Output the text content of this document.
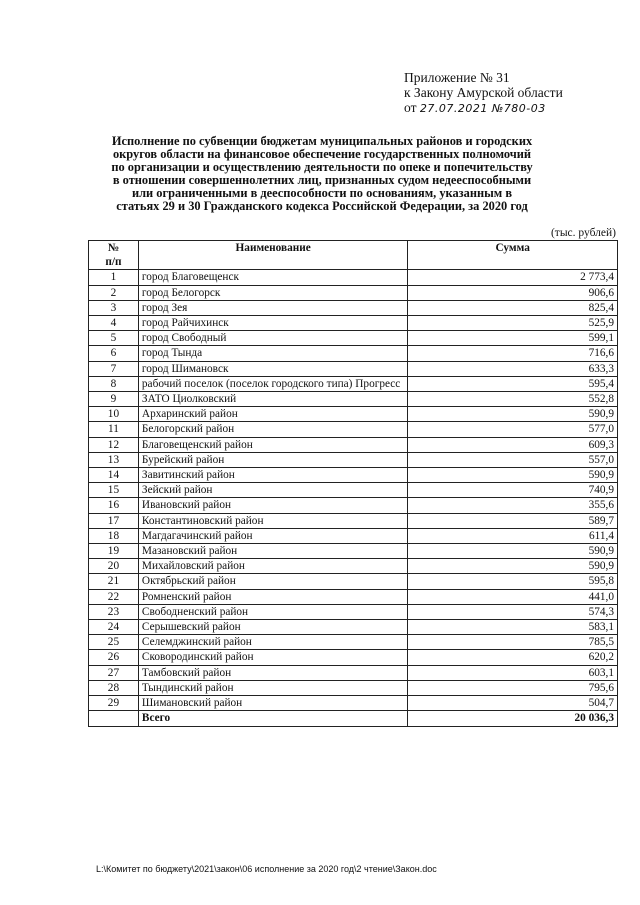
Приложение № 31
к Закону Амурской области
от 27.07.2021 №780-03
Исполнение по субвенции бюджетам муниципальных районов и городских
округов области на финансовое обеспечение государственных полномочий
по организации и осуществлению деятельности по опеке и попечительству
в отношении совершеннолетних лиц, признанных судом недееспособными
или ограниченными в дееспособности по основаниям, указанным в
статьях 29 и 30 Гражданского кодекса Российской Федерации, за 2020 год
(тыс. рублей)
№
п/п	Наименование	Сумма
1	город Благовещенск	2 773,4
2	город Белогорск	906,6
3	город Зея	825,4
4	город Райчихинск	525,9
5	город Свободный	599,1
6	город Тында	716,6
7	город Шимановск	633,3
8	рабочий поселок (поселок городского типа) Прогресс	595,4
9	ЗАТО Циолковский	552,8
10	Архаринский район	590,9
11	Белогорский район	577,0
12	Благовещенский район	609,3
13	Бурейский район	557,0
14	Завитинский район	590,9
15	Зейский район	740,9
16	Ивановский район	355,6
17	Константиновский район	589,7
18	Магдагачинский район	611,4
19	Мазановский район	590,9
20	Михайловский район	590,9
21	Октябрьский район	595,8
22	Ромненский район	441,0
23	Свободненский район	574,3
24	Серышевский район	583,1
25	Селемджинский район	785,5
26	Сковородинский район	620,2
27	Тамбовский район	603,1
28	Тындинский район	795,6
29	Шимановский район	504,7
	Всего	20 036,3
L:\Комитет по бюджету\2021\закон\06 исполнение за 2020 год\2 чтение\Закон.doc
